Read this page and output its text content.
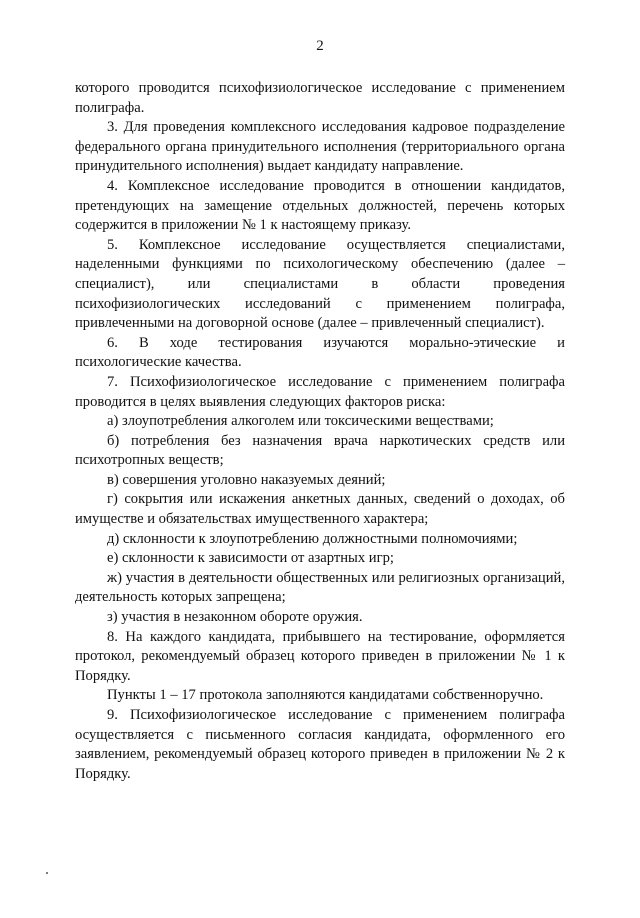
2

которого проводится психофизиологическое исследование с применением полиграфа.

3. Для проведения комплексного исследования кадровое подразделение федерального органа принудительного исполнения (территориального органа принудительного исполнения) выдает кандидату направление.

4. Комплексное исследование проводится в отношении кандидатов, претендующих на замещение отдельных должностей, перечень которых содержится в приложении № 1 к настоящему приказу.

5. Комплексное исследование осуществляется специалистами, наделенными функциями по психологическому обеспечению (далее – специалист), или специалистами в области проведения психофизиологических исследований с применением полиграфа, привлеченными на договорной основе (далее – привлеченный специалист).

6. В ходе тестирования изучаются морально-этические и психологические качества.

7. Психофизиологическое исследование с применением полиграфа проводится в целях выявления следующих факторов риска:

а) злоупотребления алкоголем или токсическими веществами;

б) потребления без назначения врача наркотических средств или психотропных веществ;

в) совершения уголовно наказуемых деяний;

г) сокрытия или искажения анкетных данных, сведений о доходах, об имуществе и обязательствах имущественного характера;

д) склонности к злоупотреблению должностными полномочиями;

е) склонности к зависимости от азартных игр;

ж) участия в деятельности общественных или религиозных организаций, деятельность которых запрещена;

з) участия в незаконном обороте оружия.

8. На каждого кандидата, прибывшего на тестирование, оформляется протокол, рекомендуемый образец которого приведен в приложении № 1 к Порядку.

Пункты 1 – 17 протокола заполняются кандидатами собственноручно.

9. Психофизиологическое исследование с применением полиграфа осуществляется с письменного согласия кандидата, оформленного его заявлением, рекомендуемый образец которого приведен в приложении № 2 к Порядку.
